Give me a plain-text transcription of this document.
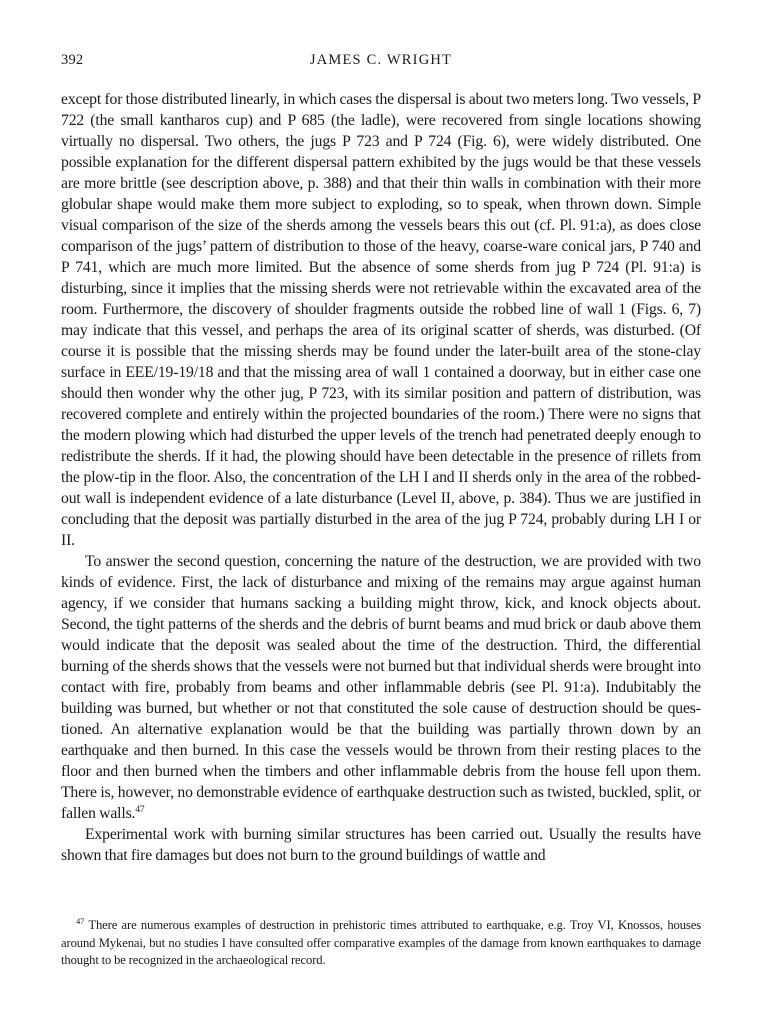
392	JAMES C. WRIGHT

except for those distributed linearly, in which cases the dispersal is about two meters long. Two vessels, P 722 (the small kantharos cup) and P 685 (the ladle), were recovered from single locations showing virtually no dispersal. Two others, the jugs P 723 and P 724 (Fig. 6), were widely distributed. One possible explanation for the different dispersal pattern exhibited by the jugs would be that these vessels are more brittle (see description above, p. 388) and that their thin walls in combination with their more globular shape would make them more subject to exploding, so to speak, when thrown down. Simple visual comparison of the size of the sherds among the vessels bears this out (cf. Pl. 91:a), as does close comparison of the jugs’ pattern of distribution to those of the heavy, coarse-ware conical jars, P 740 and P 741, which are much more limited. But the absence of some sherds from jug P 724 (Pl. 91:a) is disturbing, since it implies that the missing sherds were not retrievable within the excavated area of the room. Furthermore, the discovery of shoulder fragments outside the robbed line of wall 1 (Figs. 6, 7) may indicate that this vessel, and perhaps the area of its original scatter of sherds, was disturbed. (Of course it is possible that the missing sherds may be found under the later-built area of the stone-clay surface in EEE/19-19/18 and that the missing area of wall 1 contained a doorway, but in either case one should then wonder why the other jug, P 723, with its similar position and pattern of distribution, was recovered complete and entirely within the projected boundaries of the room.) There were no signs that the modern plowing which had disturbed the upper levels of the trench had penetrated deeply enough to redistribute the sherds. If it had, the plowing should have been detectable in the presence of rillets from the plow-tip in the floor. Also, the concentration of the LH I and II sherds only in the area of the robbed-out wall is independent evidence of a late disturbance (Level II, above, p. 384). Thus we are justified in concluding that the deposit was partially disturbed in the area of the jug P 724, probably during LH I or II.

To answer the second question, concerning the nature of the destruction, we are provided with two kinds of evidence. First, the lack of disturbance and mixing of the remains may argue against human agency, if we consider that humans sacking a building might throw, kick, and knock objects about. Second, the tight patterns of the sherds and the debris of burnt beams and mud brick or daub above them would indicate that the deposit was sealed about the time of the destruction. Third, the differential burning of the sherds shows that the vessels were not burned but that individual sherds were brought into contact with fire, probably from beams and other inflammable debris (see Pl. 91:a). Indubitably the building was burned, but whether or not that constituted the sole cause of destruction should be questioned. An alternative explanation would be that the building was partially thrown down by an earthquake and then burned. In this case the vessels would be thrown from their resting places to the floor and then burned when the timbers and other inflammable debris from the house fell upon them. There is, however, no demonstrable evidence of earthquake destruction such as twisted, buckled, split, or fallen walls.$^{47}$

Experimental work with burning similar structures has been carried out. Usually the results have shown that fire damages but does not burn to the ground buildings of wattle and

$^{47}$ There are numerous examples of destruction in prehistoric times attributed to earthquake, e.g. Troy VI, Knossos, houses around Mykenai, but no studies I have consulted offer comparative examples of the damage from known earthquakes to damage thought to be recognized in the archaeological record.
